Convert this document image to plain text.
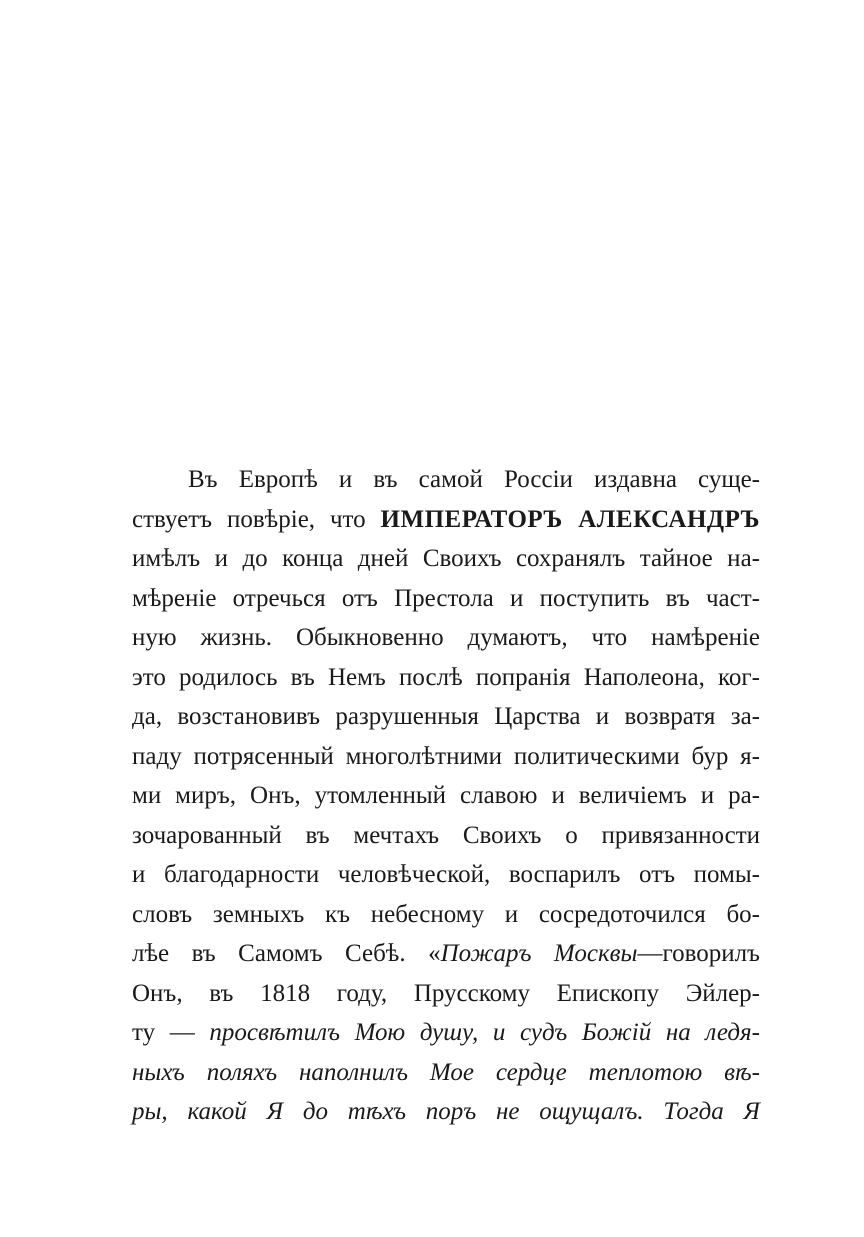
Въ Европѣ и въ самой Россіи издавна суще-
ствуетъ повѣріе, что ИМПЕРАТОРЪ АЛЕКСАНДРЪ
имѣлъ и до конца дней Своихъ сохранялъ тайное на-
мѣреніе отречься отъ Престола и поступить въ част-
ную жизнь. Обыкновенно думаютъ, что намѣреніе
это родилось въ Немъ послѣ попранія Наполеона, ког-
да, возстановивъ разрушенныя Царства и возвратя за-
паду потрясенный многолѣтними политическими бур я-
ми миръ, Онъ, утомленный славою и величіемъ и ра-
зочарованный въ мечтахъ Своихъ о привязанности
и благодарности человѣческой, воспарилъ отъ помы-
словъ земныхъ къ небесному и сосредоточился бо-
лѣе въ Самомъ Себѣ. «Пожаръ Москвы—говорилъ
Онъ, въ 1818 году, Прусскому Епископу Эйлер-
ту — просвѣтилъ Мою душу, и судъ Божій на ледя-
ныхъ поляхъ наполнилъ Мое сердце теплотою вѣ-
ры, какой Я до тѣхъ поръ не ощущалъ. Тогда Я
